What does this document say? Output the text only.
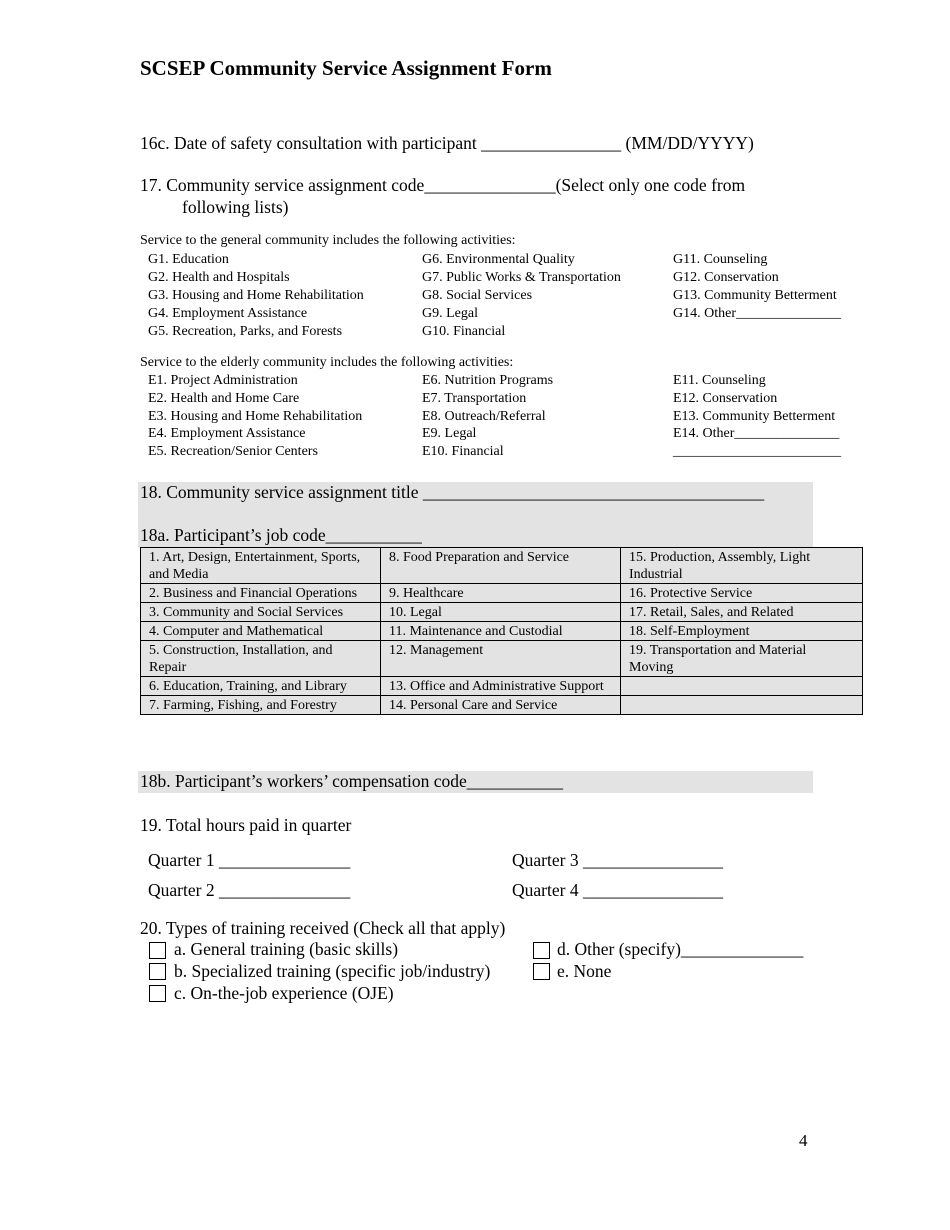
SCSEP Community Service Assignment Form
16c. Date of safety consultation with participant ________________ (MM/DD/YYYY)
17. Community service assignment code_______________(Select only one code from
following lists)
Service to the general community includes the following activities:
G1. Education
G2. Health and Hospitals
G3. Housing and Home Rehabilitation
G4. Employment Assistance
G5. Recreation, Parks, and Forests
G6. Environmental Quality
G7. Public Works & Transportation
G8. Social Services
G9. Legal
G10. Financial
G11. Counseling
G12. Conservation
G13. Community Betterment
G14. Other_______________
Service to the elderly community includes the following activities:
E1. Project Administration
E2. Health and Home Care
E3. Housing and Home Rehabilitation
E4. Employment Assistance
E5. Recreation/Senior Centers
E6. Nutrition Programs
E7. Transportation
E8. Outreach/Referral
E9. Legal
E10. Financial
E11. Counseling
E12. Conservation
E13. Community Betterment
E14. Other_______________
________________________
18. Community service assignment title _______________________________________
18a. Participant’s job code___________
1. Art, Design, Entertainment, Sports, and Media	8. Food Preparation and Service	15. Production, Assembly, Light Industrial
2. Business and Financial Operations	9. Healthcare	16. Protective Service
3. Community and Social Services	10. Legal	17. Retail, Sales, and Related
4. Computer and Mathematical	11. Maintenance and Custodial	18. Self-Employment
5. Construction, Installation, and Repair	12. Management	19. Transportation and Material Moving
6. Education, Training, and Library	13. Office and Administrative Support	
7. Farming, Fishing, and Forestry	14. Personal Care and Service	
18b. Participant’s workers’ compensation code___________
19. Total hours paid in quarter
Quarter 1 _______________
Quarter 2 _______________
Quarter 3 ________________
Quarter 4 ________________
20. Types of training received (Check all that apply)
a. General training (basic skills)
b. Specialized training (specific job/industry)
c. On-the-job experience (OJE)
d. Other (specify)______________
e. None
4
